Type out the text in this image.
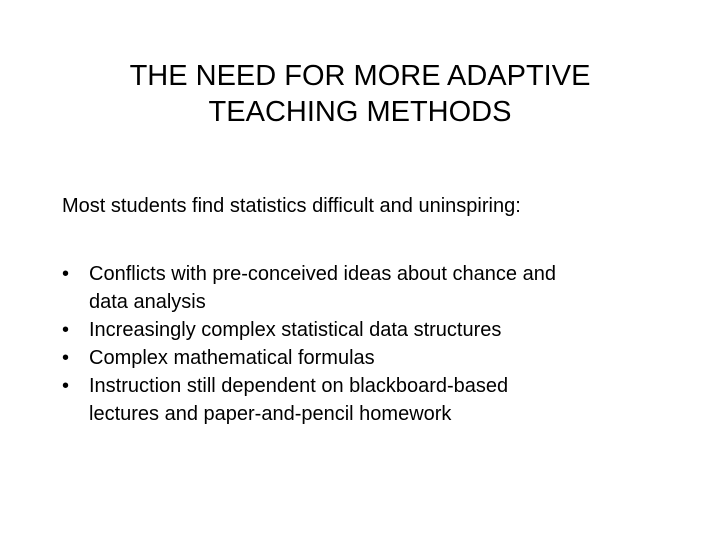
THE NEED FOR MORE ADAPTIVE
TEACHING METHODS

Most students find statistics difficult and uninspiring:

• Conflicts with pre-conceived ideas about chance and
data analysis
• Increasingly complex statistical data structures
• Complex mathematical formulas
• Instruction still dependent on blackboard-based
lectures and paper-and-pencil homework
